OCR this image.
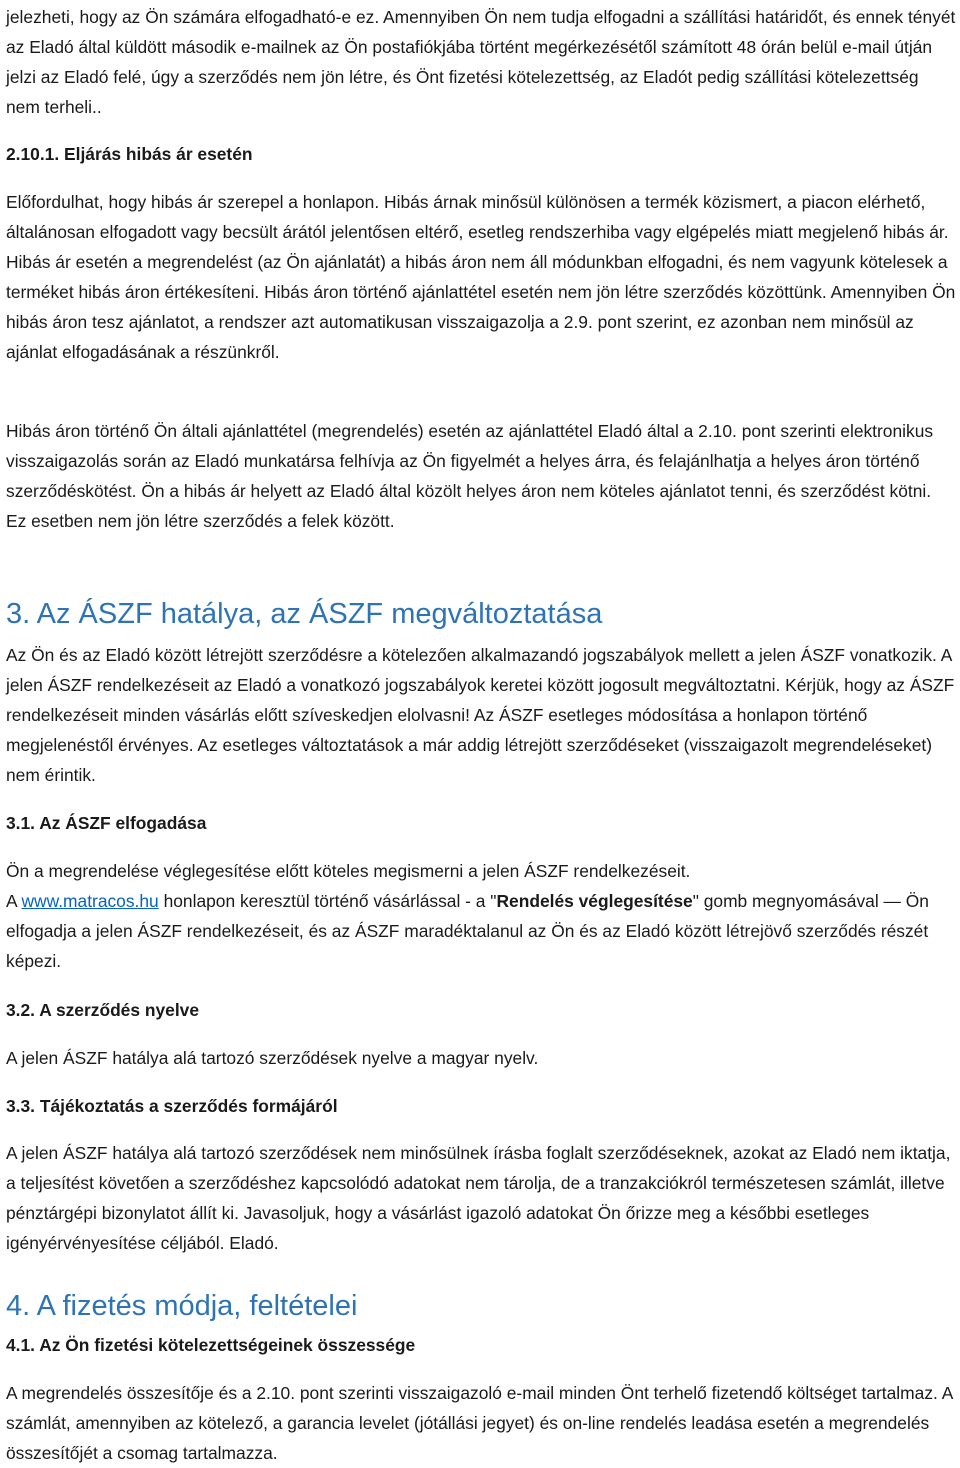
jelezheti, hogy az Ön számára elfogadható-e ez. Amennyiben Ön nem tudja elfogadni a szállítási határidőt, és ennek tényét az Eladó által küldött második e-mailnek az Ön postafiókjába történt megérkezésétől számított 48 órán belül e-mail útján jelzi az Eladó felé, úgy a szerződés nem jön létre, és Önt fizetési kötelezettség, az Eladót pedig szállítási kötelezettség nem terheli..

2.10.1. Eljárás hibás ár esetén

Előfordulhat, hogy hibás ár szerepel a honlapon. Hibás árnak minősül különösen a termék közismert, a piacon elérhető, általánosan elfogadott vagy becsült árától jelentősen eltérő, esetleg rendszerhiba vagy elgépelés miatt megjelenő hibás ár. Hibás ár esetén a megrendelést (az Ön ajánlatát) a hibás áron nem áll módunkban elfogadni, és nem vagyunk kötelesek a terméket hibás áron értékesíteni. Hibás áron történő ajánlattétel esetén nem jön létre szerződés közöttünk. Amennyiben Ön hibás áron tesz ajánlatot, a rendszer azt automatikusan visszaigazolja a 2.9. pont szerint, ez azonban nem minősül az ajánlat elfogadásának a részünkről.

Hibás áron történő Ön általi ajánlattétel (megrendelés) esetén az ajánlattétel Eladó által a 2.10. pont szerinti elektronikus visszaigazolás során az Eladó munkatársa felhívja az Ön figyelmét a helyes árra, és felajánlhatja a helyes áron történő szerződéskötést. Ön a hibás ár helyett az Eladó által közölt helyes áron nem köteles ajánlatot tenni, és szerződést kötni. Ez esetben nem jön létre szerződés a felek között.

3. Az ÁSZF hatálya, az ÁSZF megváltoztatása

Az Ön és az Eladó között létrejött szerződésre a kötelezően alkalmazandó jogszabályok mellett a jelen ÁSZF vonatkozik. A jelen ÁSZF rendelkezéseit az Eladó a vonatkozó jogszabályok keretei között jogosult megváltoztatni. Kérjük, hogy az ÁSZF rendelkezéseit minden vásárlás előtt szíveskedjen elolvasni! Az ÁSZF esetleges módosítása a honlapon történő megjelenéstől érvényes. Az esetleges változtatások a már addig létrejött szerződéseket (visszaigazolt megrendeléseket) nem érintik.

3.1. Az ÁSZF elfogadása

Ön a megrendelése véglegesítése előtt köteles megismerni a jelen ÁSZF rendelkezéseit.

A www.matracos.hu honlapon keresztül történő vásárlással - a "Rendelés véglegesítése" gomb megnyomásával — Ön elfogadja a jelen ÁSZF rendelkezéseit, és az ÁSZF maradéktalanul az Ön és az Eladó között létrejövő szerződés részét képezi.

3.2. A szerződés nyelve

A jelen ÁSZF hatálya alá tartozó szerződések nyelve a magyar nyelv.

3.3. Tájékoztatás a szerződés formájáról

A jelen ÁSZF hatálya alá tartozó szerződések nem minősülnek írásba foglalt szerződéseknek, azokat az Eladó nem iktatja, a teljesítést követően a szerződéshez kapcsolódó adatokat nem tárolja, de a tranzakciókról természetesen számlát, illetve pénztárgépi bizonylatot állít ki. Javasoljuk, hogy a vásárlást igazoló adatokat Ön őrizze meg a későbbi esetleges igényérvényesítése céljából. Eladó.

4. A fizetés módja, feltételei

4.1. Az Ön fizetési kötelezettségeinek összessége

A megrendelés összesítője és a 2.10. pont szerinti visszaigazoló e-mail minden Önt terhelő fizetendő költséget tartalmaz. A számlát, amennyiben az kötelező, a garancia levelet (jótállási jegyet) és on-line rendelés leadása esetén a megrendelés összesítőjét a csomag tartalmazza.
